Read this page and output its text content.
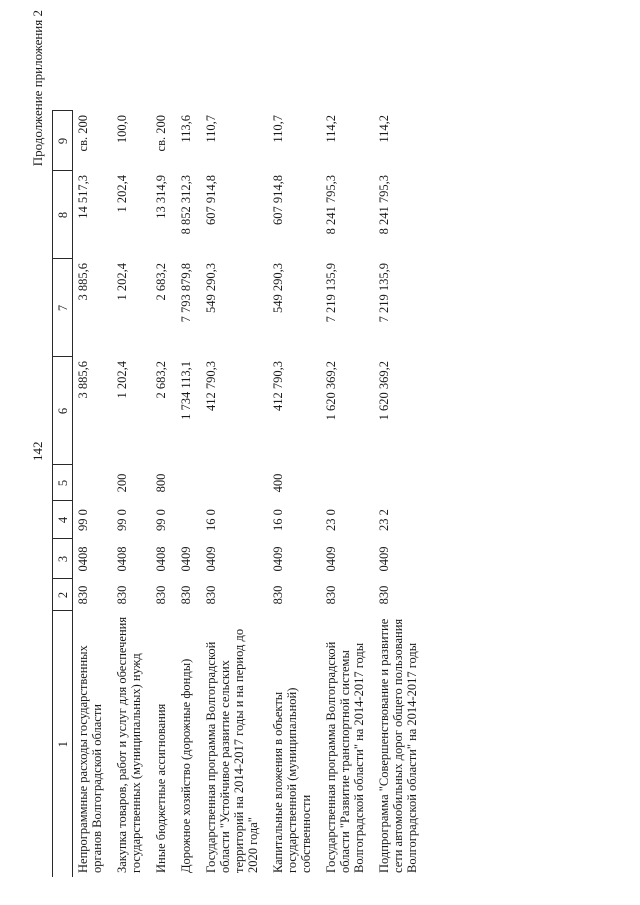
142
Продолжение приложения 2
1	2	3	4	5	6	7	8	9
Непрограммные расходы государственных органов Волгоградской области	830	0408	99 0		3 885,6	3 885,6	14 517,3	св. 200
Закупка товаров, работ и услуг для обеспечения государственных (муниципальных) нужд	830	0408	99 0	200	1 202,4	1 202,4	1 202,4	100,0
Иные бюджетные ассигнования	830	0408	99 0	800	2 683,2	2 683,2	13 314,9	св. 200
Дорожное хозяйство (дорожные фонды)	830	0409			1 734 113,1	7 793 879,8	8 852 312,3	113,6
Государственная программа Волгоградской области "Устойчивое развитие сельских территорий на 2014-2017 годы и на период до 2020 года"	830	0409	16 0		412 790,3	549 290,3	607 914,8	110,7
Капитальные вложения в объекты государственной (муниципальной) собственности	830	0409	16 0	400	412 790,3	549 290,3	607 914,8	110,7
Государственная программа Волгоградской области "Развитие транспортной системы Волгоградской области" на 2014-2017 годы	830	0409	23 0		1 620 369,2	7 219 135,9	8 241 795,3	114,2
Подпрограмма "Совершенствование и развитие сети автомобильных дорог общего пользования Волгоградской области" на 2014-2017 годы	830	0409	23 2		1 620 369,2	7 219 135,9	8 241 795,3	114,2
